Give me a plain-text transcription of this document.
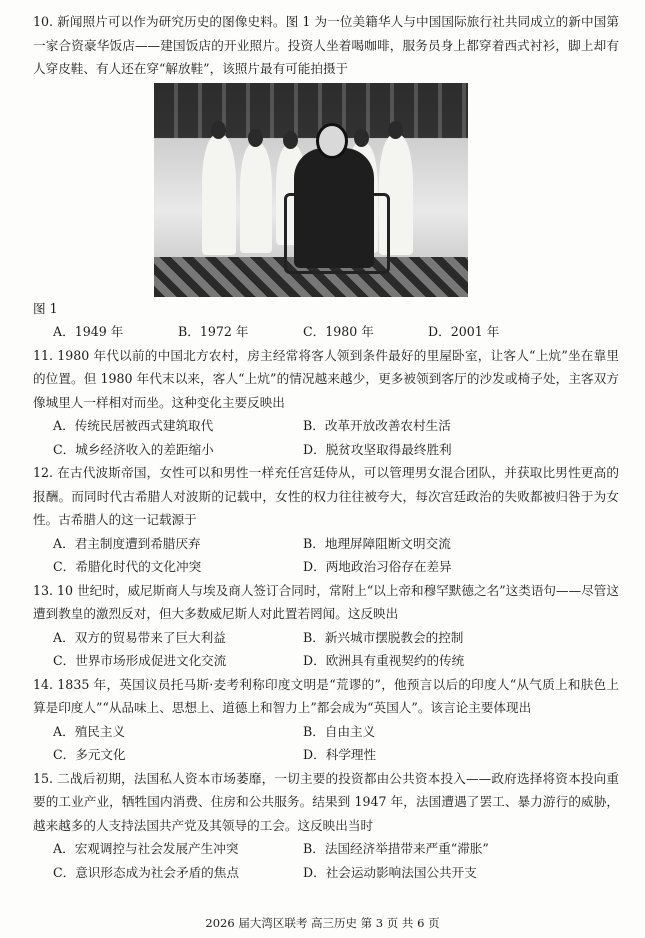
10. 新闻照片可以作为研究历史的图像史料。图 1 为一位美籍华人与中国国际旅行社共同成立的新中国第一家合资豪华饭店——建国饭店的开业照片。投资人坐着喝咖啡，服务员身上都穿着西式衬衫，脚上却有人穿皮鞋、有人还在穿“解放鞋”，该照片最有可能拍摄于

图 1

A．1949 年	B．1972 年	C．1980 年	D．2001 年

11. 1980 年代以前的中国北方农村，房主经常将客人领到条件最好的里屋卧室，让客人“上炕”坐在靠里的位置。但 1980 年代末以来，客人“上炕”的情况越来越少，更多被领到客厅的沙发或椅子处，主客双方像城里人一样相对而坐。这种变化主要反映出

A．传统民居被西式建筑取代	B．改革开放改善农村生活
C．城乡经济收入的差距缩小	D．脱贫攻坚取得最终胜利

12. 在古代波斯帝国，女性可以和男性一样充任宫廷侍从，可以管理男女混合团队，并获取比男性更高的报酬。而同时代古希腊人对波斯的记载中，女性的权力往往被夸大，每次宫廷政治的失败都被归咎于为女性。古希腊人的这一记载源于

A．君主制度遭到希腊厌弃	B．地理屏障阻断文明交流
C．希腊化时代的文化冲突	D．两地政治习俗存在差异

13. 10 世纪时，威尼斯商人与埃及商人签订合同时，常附上“以上帝和穆罕默德之名”这类语句——尽管这遭到教皇的激烈反对，但大多数威尼斯人对此置若罔闻。这反映出

A．双方的贸易带来了巨大利益	B．新兴城市摆脱教会的控制
C．世界市场形成促进文化交流	D．欧洲具有重视契约的传统

14. 1835 年，英国议员托马斯·麦考利称印度文明是“荒谬的”，他预言以后的印度人“从气质上和肤色上算是印度人”“从品味上、思想上、道德上和智力上”都会成为“英国人”。该言论主要体现出

A．殖民主义	B．自由主义
C．多元文化	D．科学理性

15. 二战后初期，法国私人资本市场萎靡，一切主要的投资都由公共资本投入——政府选择将资本投向重要的工业产业，牺牲国内消费、住房和公共服务。结果到 1947 年，法国遭遇了罢工、暴力游行的威胁，越来越多的人支持法国共产党及其领导的工会。这反映出当时

A．宏观调控与社会发展产生冲突	B．法国经济举措带来严重“滞胀”
C．意识形态成为社会矛盾的焦点	D．社会运动影响法国公共开支
2026 届大湾区联考 高三历史 第 3 页 共 6 页
